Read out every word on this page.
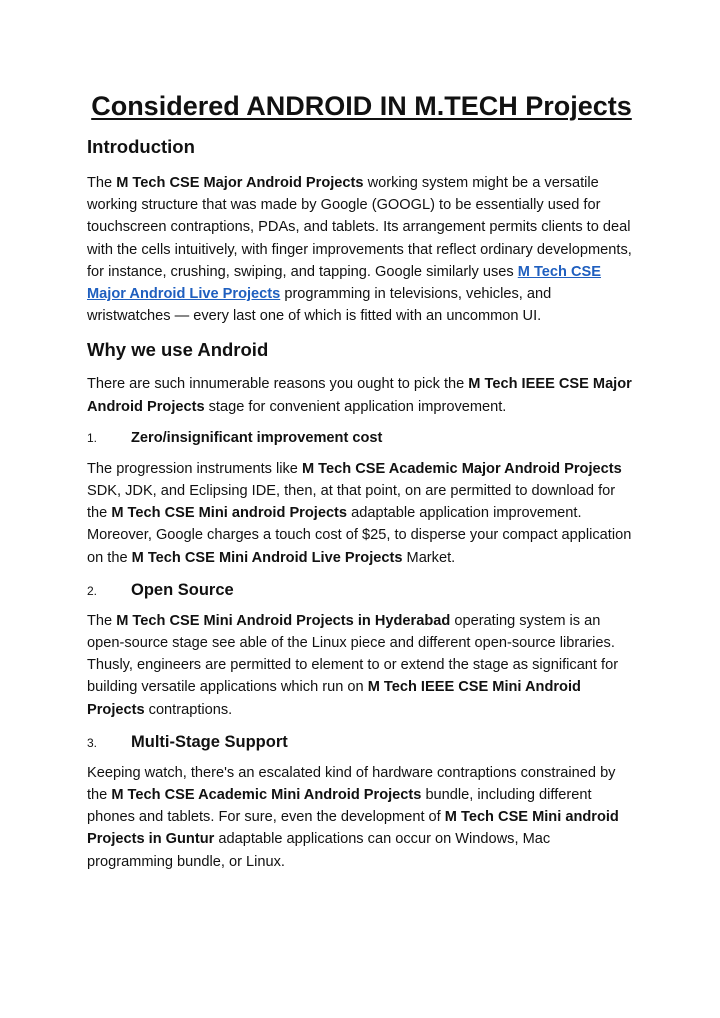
Considered ANDROID IN M.TECH Projects
Introduction

The M Tech CSE Major Android Projects working system might be a versatile working structure that was made by Google (GOOGL) to be essentially used for touchscreen contraptions, PDAs, and tablets. Its arrangement permits clients to deal with the cells intuitively, with finger improvements that reflect ordinary developments, for instance, crushing, swiping, and tapping. Google similarly uses M Tech CSE Major Android Live Projects programming in televisions, vehicles, and wristwatches — every last one of which is fitted with an uncommon UI.

Why we use Android

There are such innumerable reasons you ought to pick the M Tech IEEE CSE Major Android Projects stage for convenient application improvement.

1.	Zero/insignificant improvement cost

The progression instruments like M Tech CSE Academic Major Android Projects SDK, JDK, and Eclipsing IDE, then, at that point, on are permitted to download for the M Tech CSE Mini android Projects adaptable application improvement. Moreover, Google charges a touch cost of $25, to disperse your compact application on the M Tech CSE Mini Android Live Projects Market.

2.	Open Source

The M Tech CSE Mini Android Projects in Hyderabad operating system is an open-source stage see able of the Linux piece and different open-source libraries. Thusly, engineers are permitted to element to or extend the stage as significant for building versatile applications which run on M Tech IEEE CSE Mini Android Projects contraptions.

3.	Multi-Stage Support

Keeping watch, there's an escalated kind of hardware contraptions constrained by the M Tech CSE Academic Mini Android Projects bundle, including different phones and tablets. For sure, even the development of M Tech CSE Mini android Projects in Guntur adaptable applications can occur on Windows, Mac programming bundle, or Linux.
